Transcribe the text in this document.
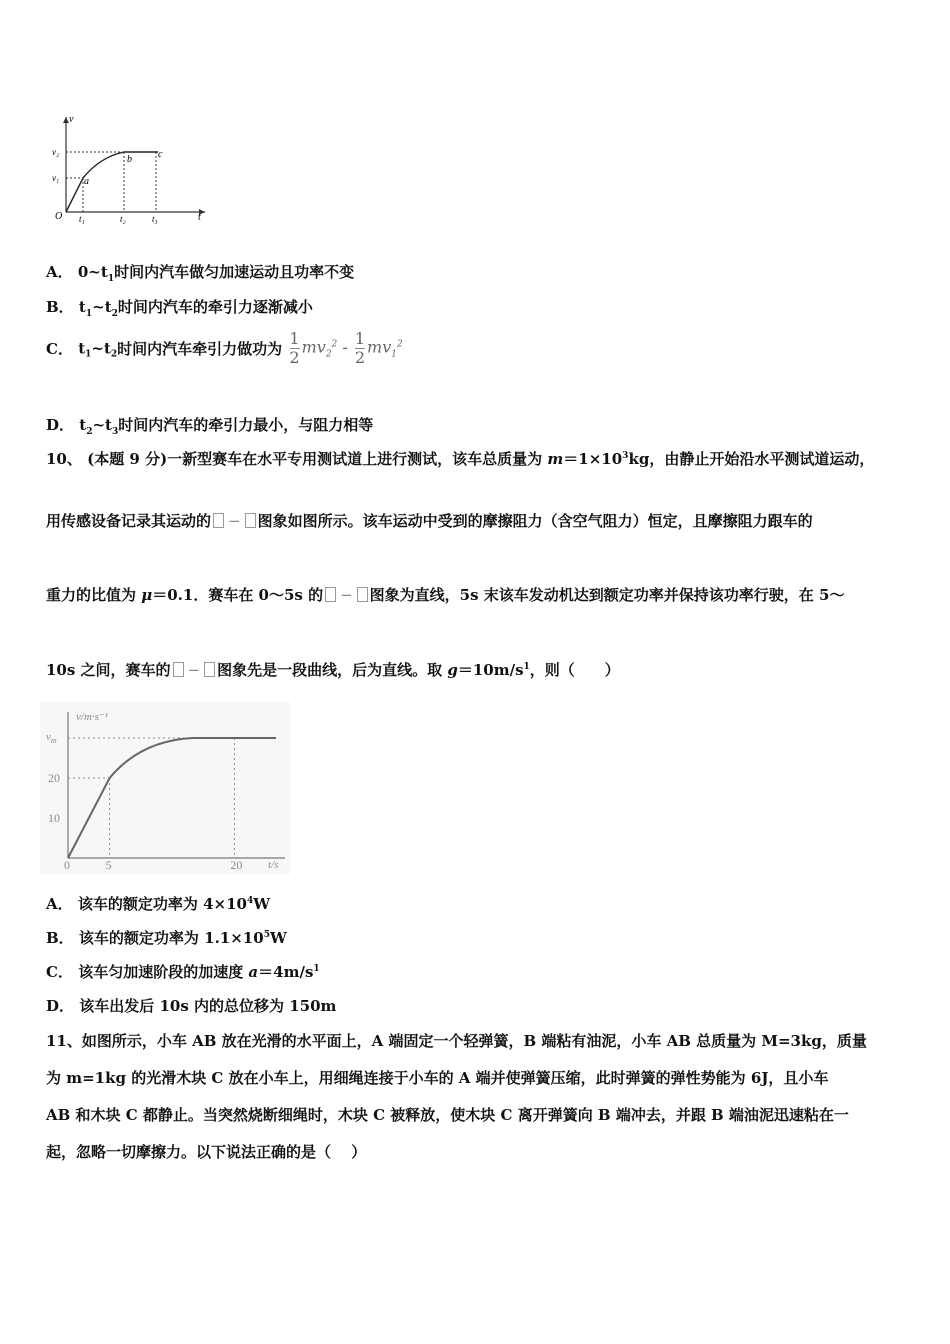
v
t
O
v₁
v₂
t₁	t₂	t₃
a
b	c
A． $0\sim t_1$时间内汽车做匀加速运动且功率不变
B． $t_1\sim t_2$时间内汽车的牵引力逐渐减小
C． $t_1\sim t_2$时间内汽车牵引力做功为 $\frac{1}{2} mv_2^2 - \frac{1}{2} mv_1^2$
D． $t_2\sim t_3$时间内汽车的牵引力最小，与阻力相等
10、 (本题 9 分)一新型赛车在水平专用测试道上进行测试，该车总质量为 $m=1\times 10^3kg$，由静止开始沿水平测试道运动，
用传感设备记录其运动的 − 图象如图所示。该车运动中受到的摩擦阻力（含空气阻力）恒定，且摩擦阻力跟车的
重力的比值为 μ＝0.1．赛车在 0～5s 的 − 图象为直线，5s 末该车发动机达到额定功率并保持该功率行驶，在 5～
10s 之间，赛车的 − 图象先是一段曲线，后为直线。取 $g=10m/s^1$，则（　　）
v/m·s⁻¹
t/s
$v_m$
10
20
0	5	20
A． 该车的额定功率为 $4\times 10^4W$
B． 该车的额定功率为 $1.1\times 10^5W$
C． 该车匀加速阶段的加速度 $a=4m/s^1$
D． 该车出发后 10s 内的总位移为 150m
11、如图所示，小车 AB 放在光滑的水平面上，A 端固定一个轻弹簧，B 端粘有油泥，小车 AB 总质量为 M=3kg，质量
为 m=1kg 的光滑木块 C 放在小车上，用细绳连接于小车的 A 端并使弹簧压缩，此时弹簧的弹性势能为 6J，且小车
AB 和木块 C 都静止。当突然烧断细绳时，木块 C 被释放，使木块 C 离开弹簧向 B 端冲去，并跟 B 端油泥迅速粘在一
起，忽略一切摩擦力。以下说法正确的是（　 ）
